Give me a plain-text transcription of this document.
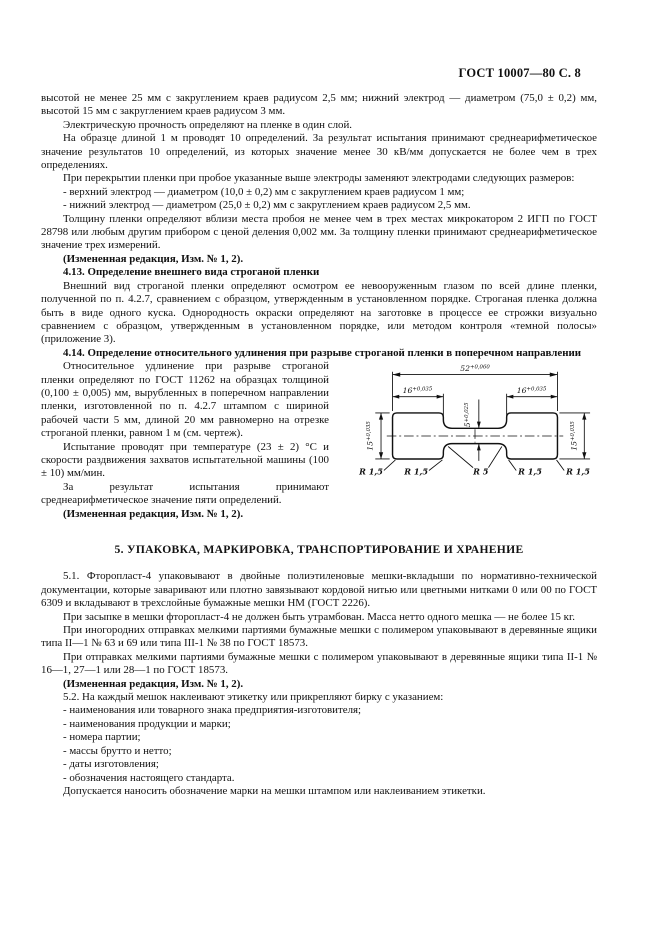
ГОСТ 10007—80 С. 8

высотой не менее 25 мм с закруглением краев радиусом 2,5 мм; нижний электрод — диаметром (75,0 ± 0,2) мм, высотой 15 мм с закруглением краев радиусом 3 мм.

Электрическую прочность определяют на пленке в один слой.

На образце длиной 1 м проводят 10 определений. За результат испытания принимают среднеарифметическое значение результатов 10 определений, из которых значение менее 30 кВ/мм допускается не более чем в трех определениях.

При перекрытии пленки при пробое указанные выше электроды заменяют электродами следующих размеров:

- верхний электрод — диаметром (10,0 ± 0,2) мм с закруглением краев радиусом 1 мм;

- нижний электрод — диаметром (25,0 ± 0,2) мм с закруглением краев радиусом 2,5 мм.

Толщину пленки определяют вблизи места пробоя не менее чем в трех местах микрокатором 2 ИГП по ГОСТ 28798 или любым другим прибором с ценой деления 0,002 мм. За толщину пленки принимают среднеарифметическое значение трех измерений.

(Измененная редакция, Изм. № 1, 2).

4.13. Определение внешнего вида строганой пленки

Внешний вид строганой пленки определяют осмотром ее невооруженным глазом по всей длине пленки, полученной по п. 4.2.7, сравнением с образцом, утвержденным в установленном порядке. Строганая пленка должна быть в виде одного куска. Однородность окраски определяют на заготовке в процессе ее строжки визуально сравнением с образцом, утвержденным в установленном порядке, или методом контроля «темной полосы» (приложение 3).

4.14. Определение относительного удлинения при разрыве строганой пленки в поперечном направлении

$52^{+0,060}$
$16^{+0,035}$	$16^{+0,035}$
$5^{+0,025}$
$15^{+0,035}$
$15^{+0,035}$
R 1,5	R 1,5	R 5	R 1,5	R 1,5

Относительное удлинение при разрыве строганой пленки определяют по ГОСТ 11262 на образцах толщиной (0,100 ± 0,005) мм, вырубленных в поперечном направлении пленки, изготовленной по п. 4.2.7 штампом с шириной рабочей части 5 мм, длиной 20 мм равномерно на отрезке строганой пленки, равном 1 м (см. чертеж).

Испытание проводят при температуре (23 ± 2) °С и скорости раздвижения захватов испытательной машины (100 ± 10) мм/мин.

За результат испытания принимают среднеарифметическое значение пяти определений.

(Измененная редакция, Изм. № 1, 2).

5. УПАКОВКА, МАРКИРОВКА, ТРАНСПОРТИРОВАНИЕ И ХРАНЕНИЕ

5.1. Фторопласт-4 упаковывают в двойные полиэтиленовые мешки-вкладыши по нормативно-технической документации, которые заваривают или плотно завязывают кордовой нитью или цветными нитками 0 или 00 по ГОСТ 6309 и вкладывают в трехслойные бумажные мешки НМ (ГОСТ 2226).

При засыпке в мешки фторопласт-4 не должен быть утрамбован. Масса нетто одного мешка — не более 15 кг.

При иногородних отправках мелкими партиями бумажные мешки с полимером упаковывают в деревянные ящики типа II—1 № 63 и 69 или типа III-1 № 38 по ГОСТ 18573.

При отправках мелкими партиями бумажные мешки с полимером упаковывают в деревянные ящики типа II-1 № 16—1, 27—1 или 28—1 по ГОСТ 18573.

(Измененная редакция, Изм. № 1, 2).

5.2. На каждый мешок наклеивают этикетку или прикрепляют бирку с указанием:

- наименования или товарного знака предприятия-изготовителя;

- наименования продукции и марки;

- номера партии;

- массы брутто и нетто;

- даты изготовления;

- обозначения настоящего стандарта.

Допускается наносить обозначение марки на мешки штампом или наклеиванием этикетки.
